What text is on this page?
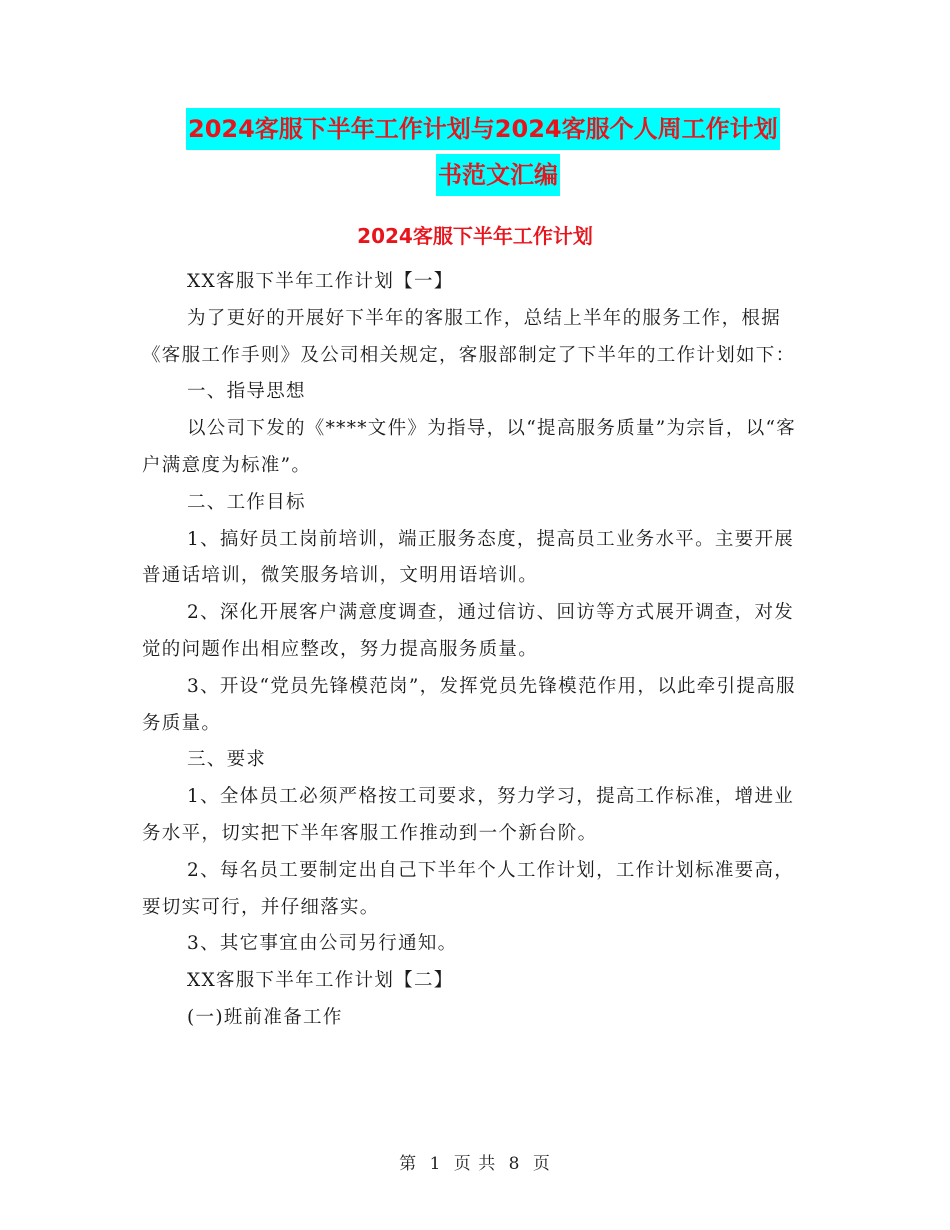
2024客服下半年工作计划与2024客服个人周工作计划
书范文汇编
2024客服下半年工作计划

XX客服下半年工作计划【一】

为了更好的开展好下半年的客服工作，总结上半年的服务工作，根据《客服工作手则》及公司相关规定，客服部制定了下半年的工作计划如下：

一、指导思想

以公司下发的《****文件》为指导，以“提高服务质量”为宗旨，以“客户满意度为标准”。

二、工作目标

1、搞好员工岗前培训，端正服务态度，提高员工业务水平。主要开展普通话培训，微笑服务培训，文明用语培训。

2、深化开展客户满意度调查，通过信访、回访等方式展开调查，对发觉的问题作出相应整改，努力提高服务质量。

3、开设“党员先锋模范岗”，发挥党员先锋模范作用，以此牵引提高服务质量。

三、要求

1、全体员工必须严格按工司要求，努力学习，提高工作标准，增进业务水平，切实把下半年客服工作推动到一个新台阶。

2、每名员工要制定出自己下半年个人工作计划，工作计划标准要高，要切实可行，并仔细落实。

3、其它事宜由公司另行通知。

XX客服下半年工作计划【二】

(一)班前准备工作

第 1 页 共 8 页
